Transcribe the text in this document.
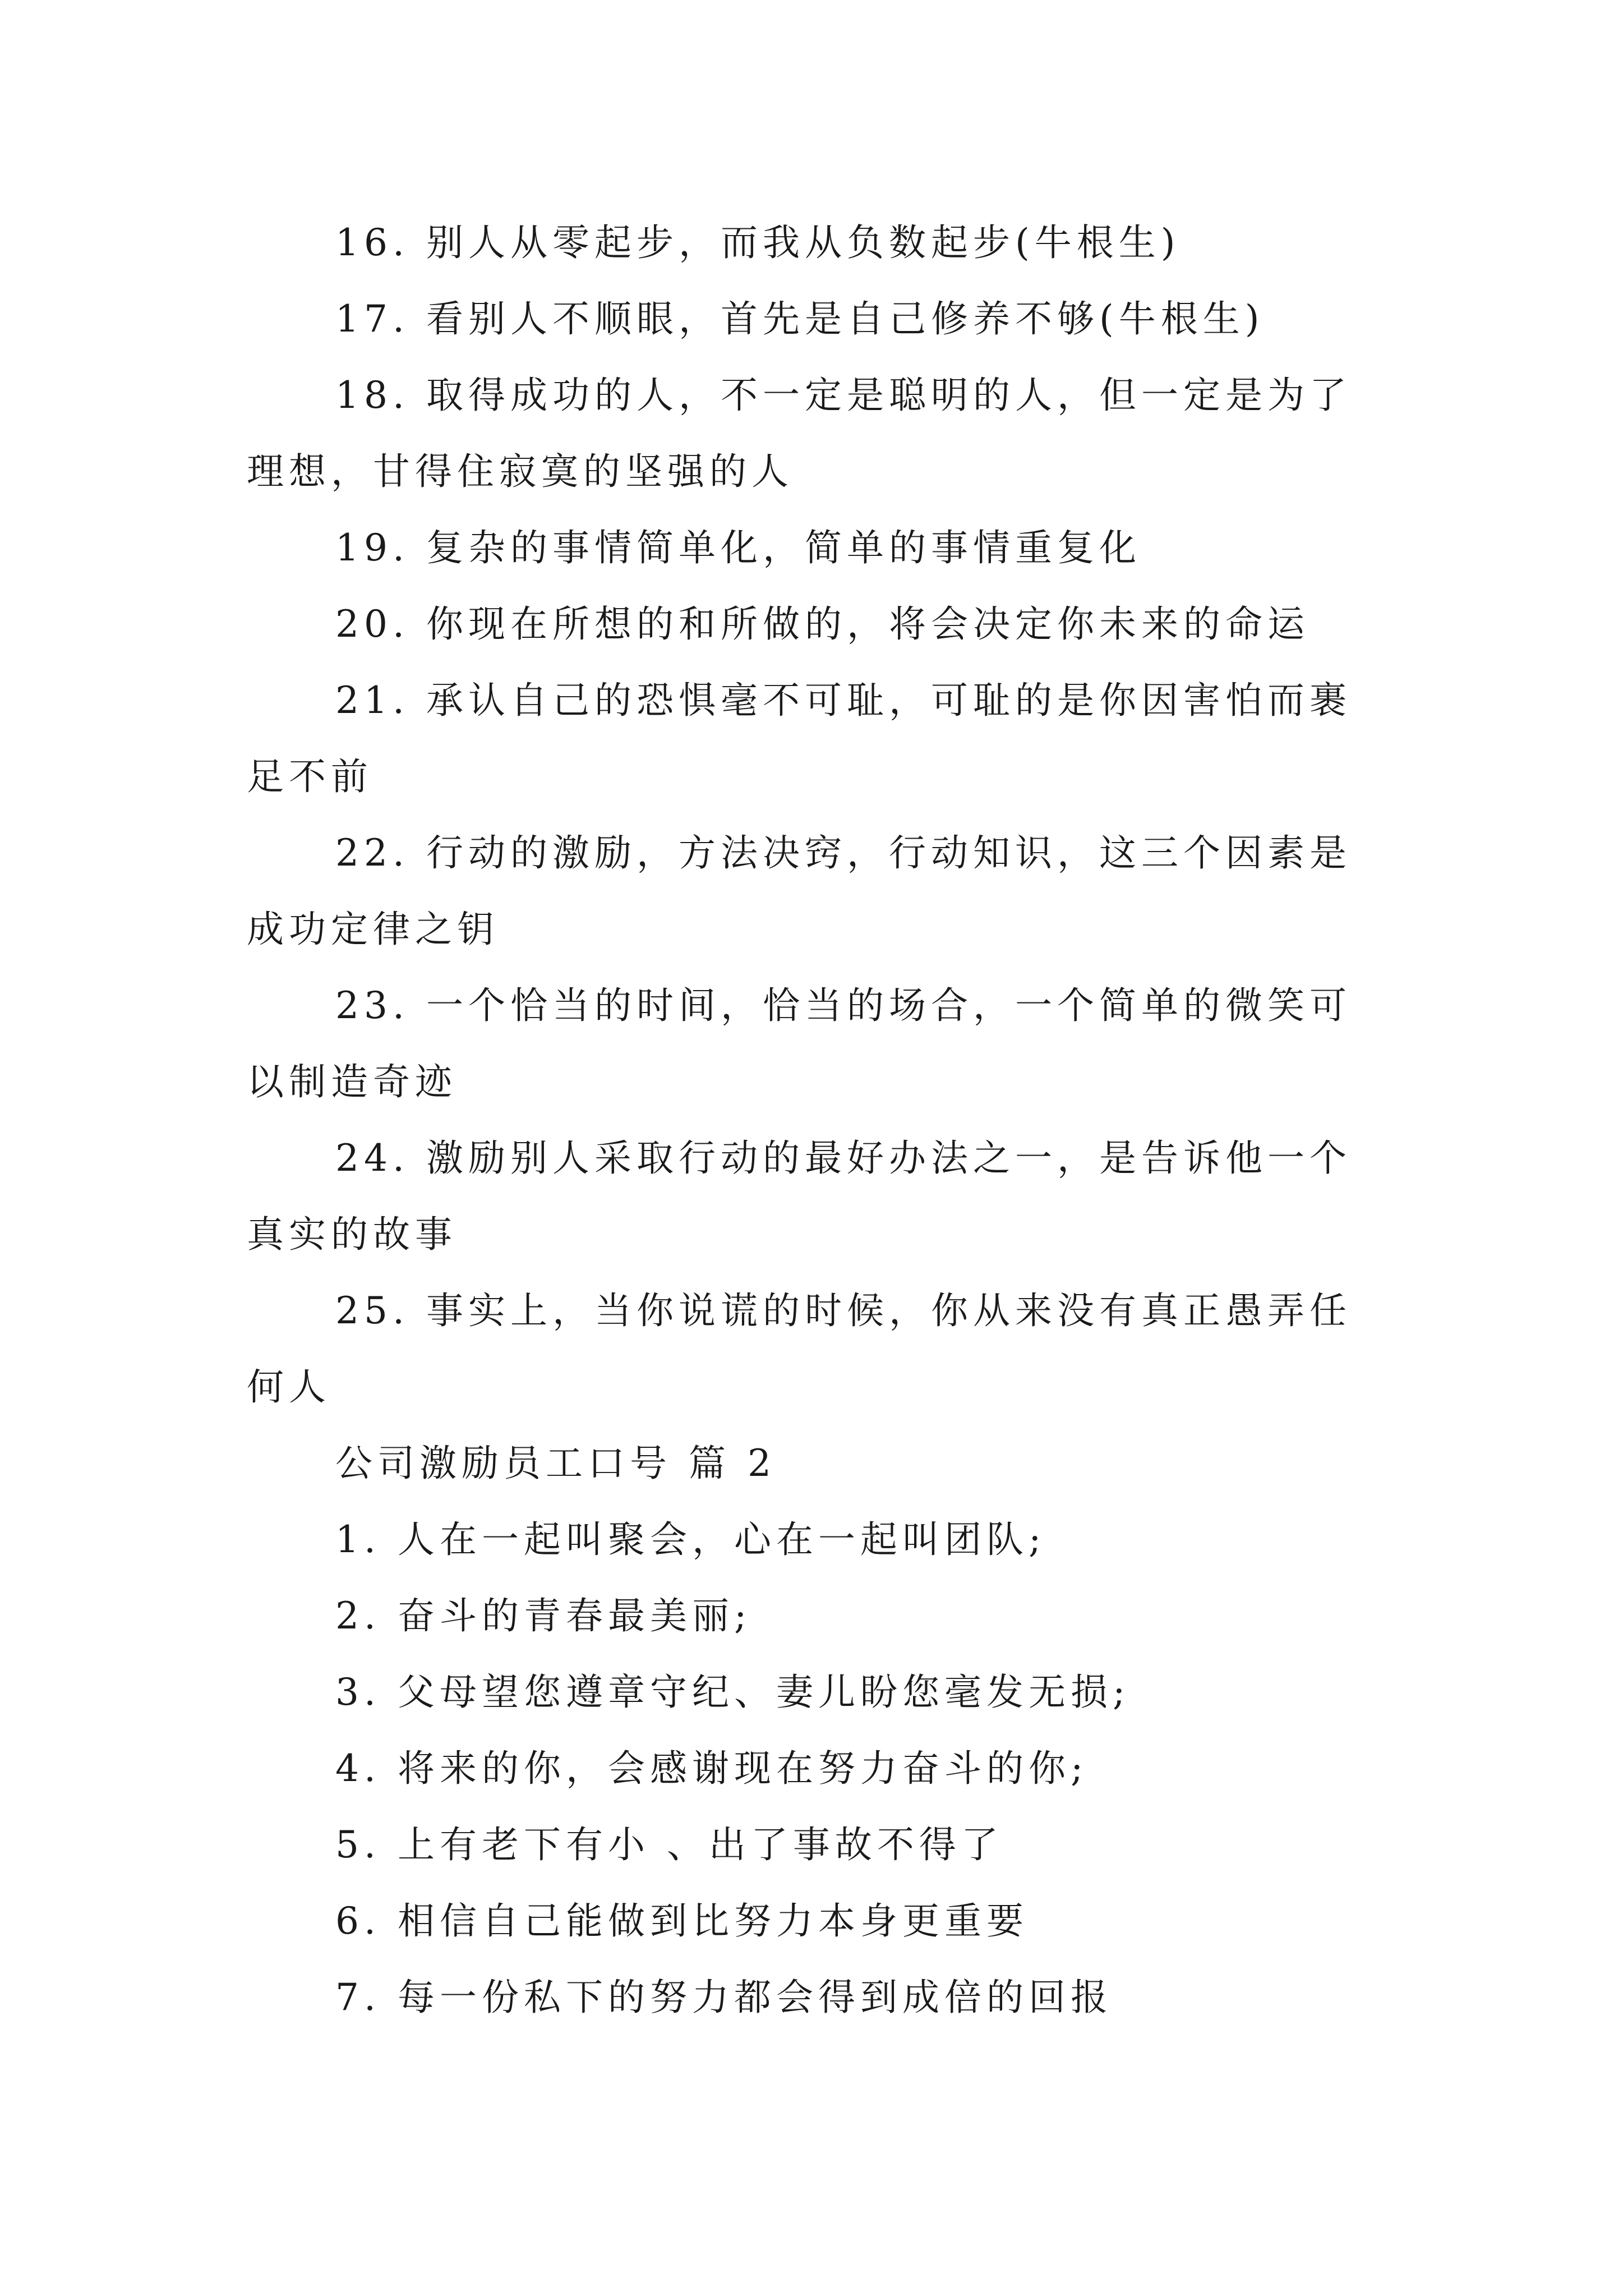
16. 别人从零起步，而我从负数起步(牛根生)
17. 看别人不顺眼，首先是自己修养不够(牛根生)
18. 取得成功的人，不一定是聪明的人，但一定是为了
理想，甘得住寂寞的坚强的人
19. 复杂的事情简单化，简单的事情重复化
20. 你现在所想的和所做的，将会决定你未来的命运
21. 承认自己的恐惧毫不可耻，可耻的是你因害怕而裹
足不前
22. 行动的激励，方法决窍，行动知识，这三个因素是
成功定律之钥
23. 一个恰当的时间，恰当的场合，一个简单的微笑可
以制造奇迹
24. 激励别人采取行动的最好办法之一，是告诉他一个
真实的故事
25. 事实上，当你说谎的时候，你从来没有真正愚弄任
何人
公司激励员工口号 篇 2
1. 人在一起叫聚会，心在一起叫团队;
2. 奋斗的青春最美丽;
3. 父母望您遵章守纪、妻儿盼您毫发无损;
4. 将来的你，会感谢现在努力奋斗的你;
5. 上有老下有小 、出了事故不得了
6. 相信自己能做到比努力本身更重要
7. 每一份私下的努力都会得到成倍的回报
